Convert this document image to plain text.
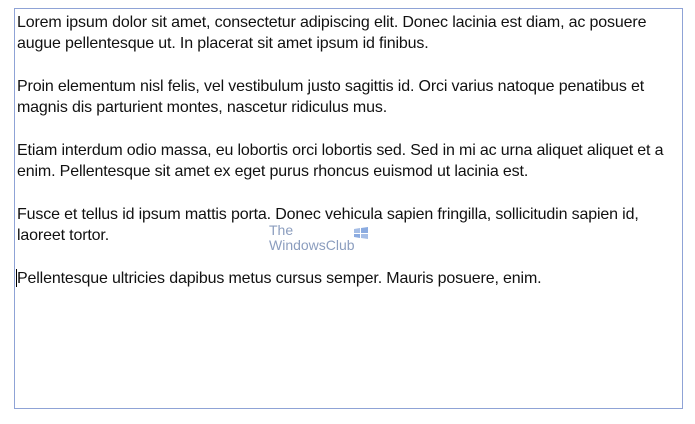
Lorem ipsum dolor sit amet, consectetur adipiscing elit. Donec lacinia est diam, ac posuere augue pellentesque ut. In placerat sit amet ipsum id finibus.

Proin elementum nisl felis, vel vestibulum justo sagittis id. Orci varius natoque penatibus et magnis dis parturient montes, nascetur ridiculus mus.

Etiam interdum odio massa, eu lobortis orci lobortis sed. Sed in mi ac urna aliquet aliquet et a enim. Pellentesque sit amet ex eget purus rhoncus euismod ut lacinia est.

Fusce et tellus id ipsum mattis porta. Donec vehicula sapien fringilla, sollicitudin sapien id, laoreet tortor.

Pellentesque ultricies dapibus metus cursus semper. Mauris posuere, enim.
The
WindowsClub
